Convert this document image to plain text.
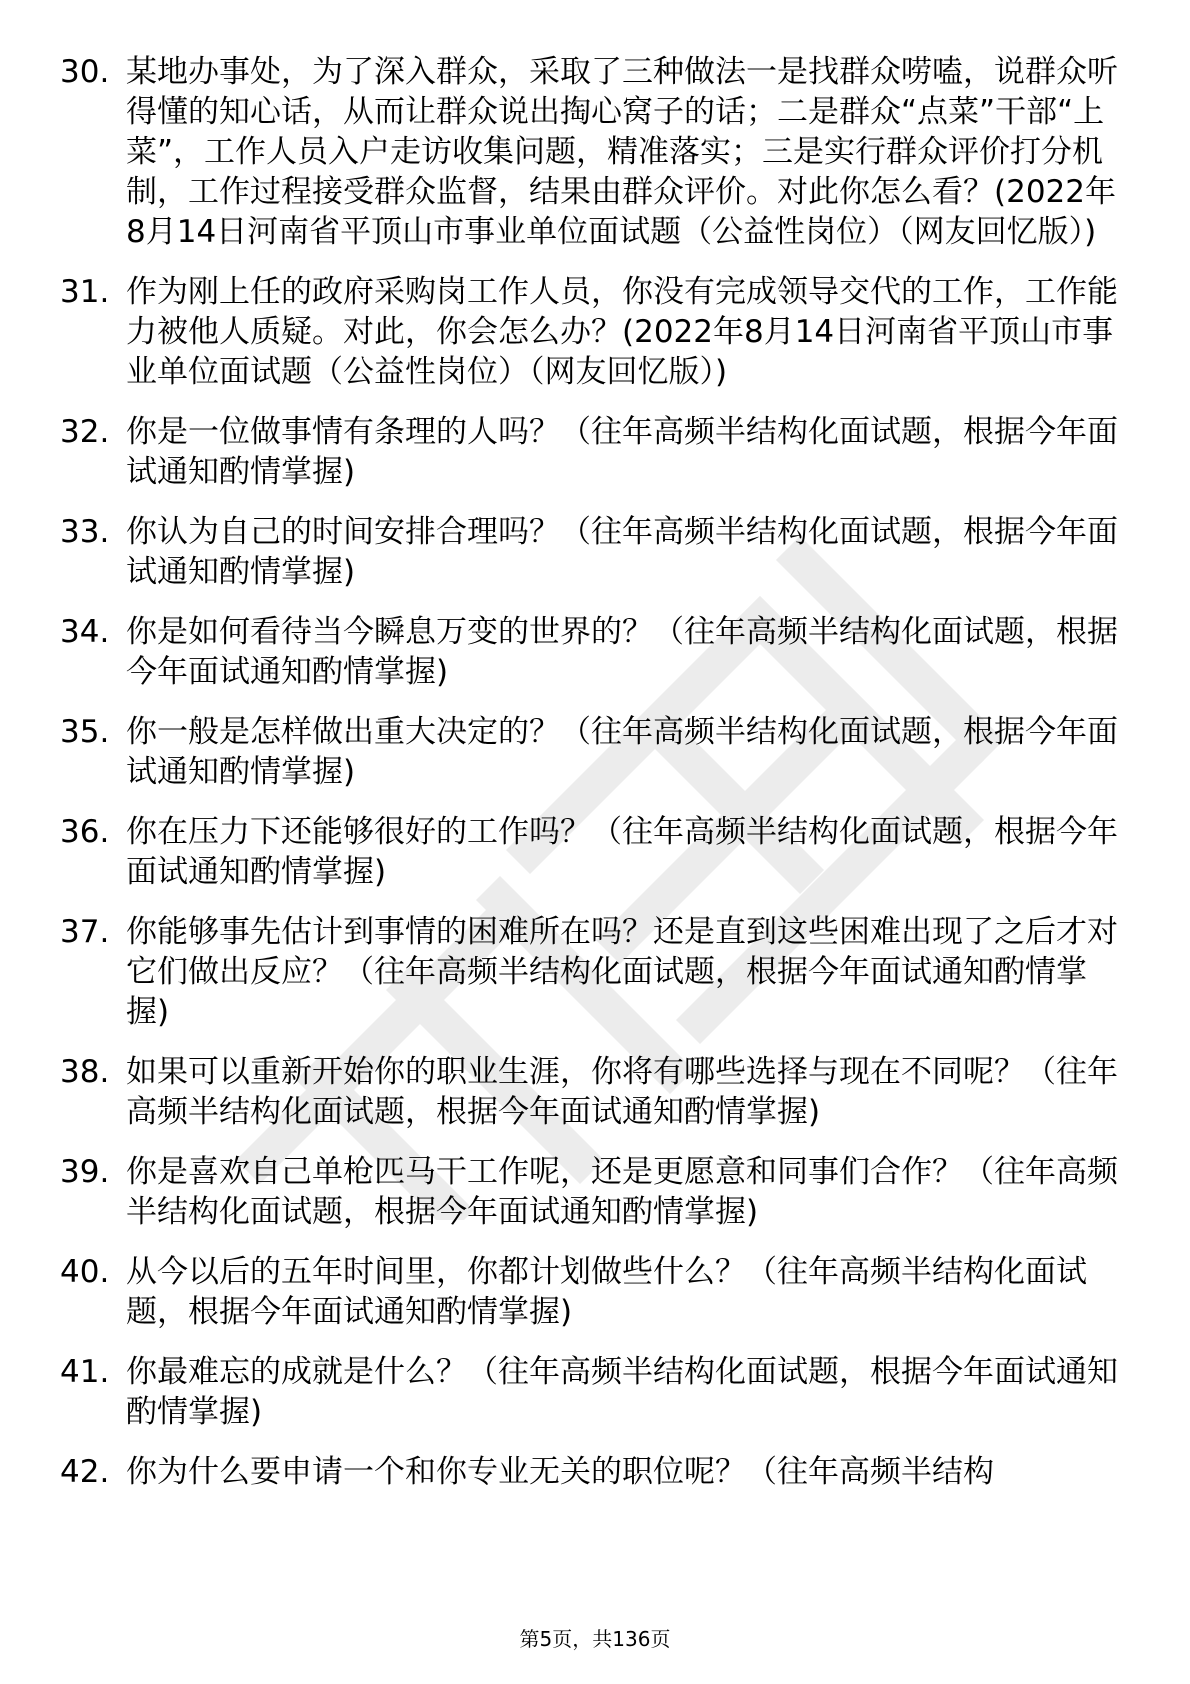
30. 某地办事处，为了深入群众，采取了三种做法一是找群众唠嗑，说群众听得懂的知心话，从而让群众说出掏心窝子的话；二是群众“点菜”干部“上菜”，工作人员入户走访收集问题，精准落实；三是实行群众评价打分机制，工作过程接受群众监督，结果由群众评价。对此你怎么看？(2022年8月14日河南省平顶山市事业单位面试题（公益性岗位）（网友回忆版）)
31. 作为刚上任的政府采购岗工作人员，你没有完成领导交代的工作，工作能力被他人质疑。对此，你会怎么办？(2022年8月14日河南省平顶山市事业单位面试题（公益性岗位）（网友回忆版）)
32. 你是一位做事情有条理的人吗？（往年高频半结构化面试题，根据今年面试通知酌情掌握)
33. 你认为自己的时间安排合理吗？（往年高频半结构化面试题，根据今年面试通知酌情掌握)
34. 你是如何看待当今瞬息万变的世界的？（往年高频半结构化面试题，根据今年面试通知酌情掌握)
35. 你一般是怎样做出重大决定的？（往年高频半结构化面试题，根据今年面试通知酌情掌握)
36. 你在压力下还能够很好的工作吗？（往年高频半结构化面试题，根据今年面试通知酌情掌握)
37. 你能够事先估计到事情的困难所在吗？还是直到这些困难出现了之后才对它们做出反应？（往年高频半结构化面试题，根据今年面试通知酌情掌握)
38. 如果可以重新开始你的职业生涯，你将有哪些选择与现在不同呢？（往年高频半结构化面试题，根据今年面试通知酌情掌握)
39. 你是喜欢自己单枪匹马干工作呢，还是更愿意和同事们合作？（往年高频半结构化面试题，根据今年面试通知酌情掌握)
40. 从今以后的五年时间里，你都计划做些什么？（往年高频半结构化面试题，根据今年面试通知酌情掌握)
41. 你最难忘的成就是什么？（往年高频半结构化面试题，根据今年面试通知酌情掌握)
42. 你为什么要申请一个和你专业无关的职位呢？（往年高频半结构
第5页，共136页
